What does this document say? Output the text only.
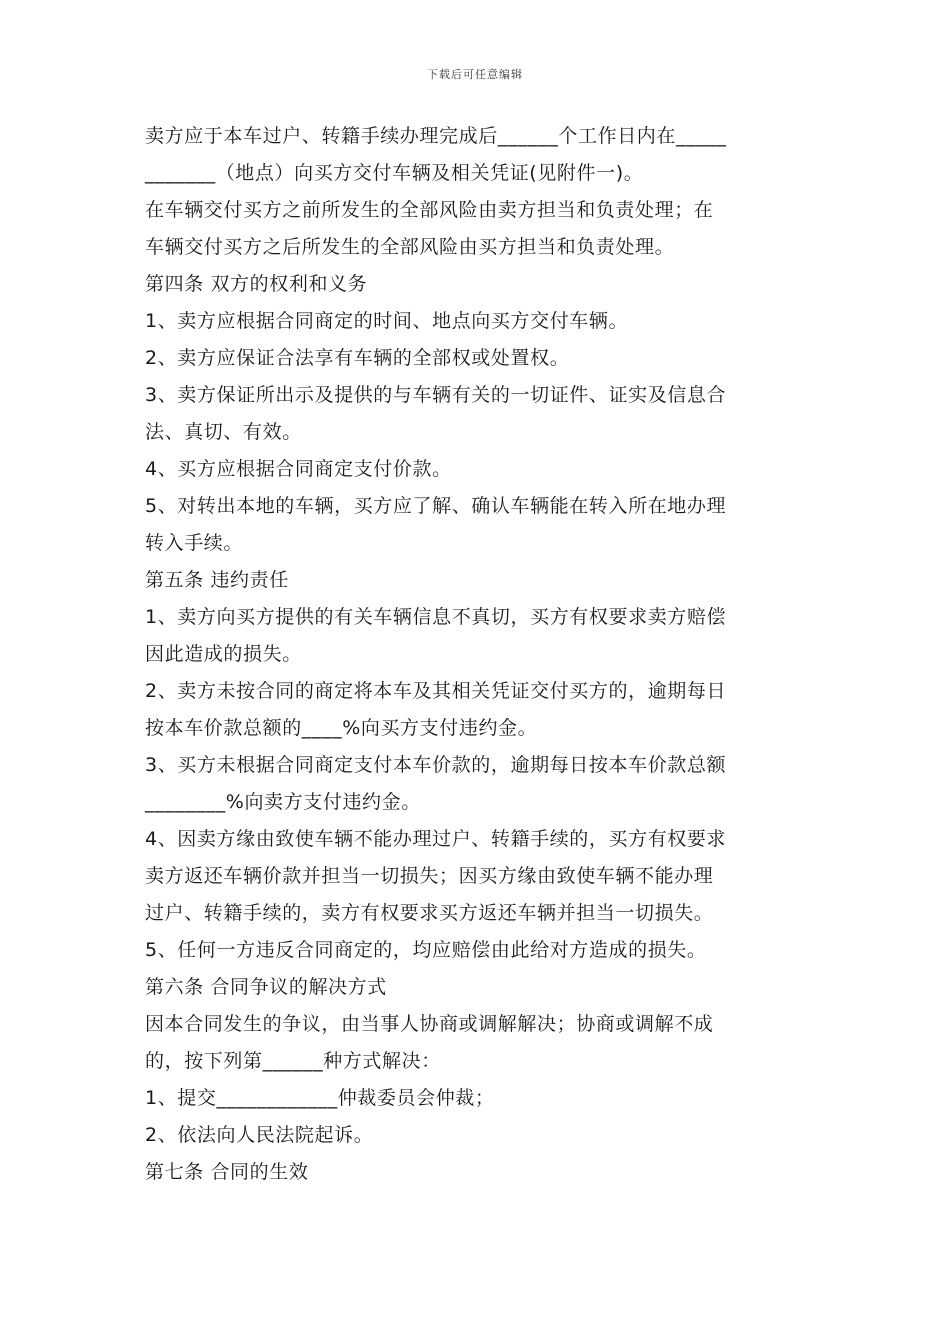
下载后可任意编辑
卖方应于本车过户、转籍手续办理完成后______个工作日内在_____
_______（地点）向买方交付车辆及相关凭证(见附件一)。
在车辆交付买方之前所发生的全部风险由卖方担当和负责处理；在
车辆交付买方之后所发生的全部风险由买方担当和负责处理。
第四条 双方的权利和义务
1、卖方应根据合同商定的时间、地点向买方交付车辆。
2、卖方应保证合法享有车辆的全部权或处置权。
3、卖方保证所出示及提供的与车辆有关的一切证件、证实及信息合
法、真切、有效。
4、买方应根据合同商定支付价款。
5、对转出本地的车辆，买方应了解、确认车辆能在转入所在地办理
转入手续。
第五条 违约责任
1、卖方向买方提供的有关车辆信息不真切，买方有权要求卖方赔偿
因此造成的损失。
2、卖方未按合同的商定将本车及其相关凭证交付买方的，逾期每日
按本车价款总额的____%向买方支付违约金。
3、买方未根据合同商定支付本车价款的，逾期每日按本车价款总额
________%向卖方支付违约金。
4、因卖方缘由致使车辆不能办理过户、转籍手续的，买方有权要求
卖方返还车辆价款并担当一切损失；因买方缘由致使车辆不能办理
过户、转籍手续的，卖方有权要求买方返还车辆并担当一切损失。
5、任何一方违反合同商定的，均应赔偿由此给对方造成的损失。
第六条 合同争议的解决方式
因本合同发生的争议，由当事人协商或调解解决；协商或调解不成
的，按下列第______种方式解决：
1、提交____________仲裁委员会仲裁；
2、依法向人民法院起诉。
第七条 合同的生效
